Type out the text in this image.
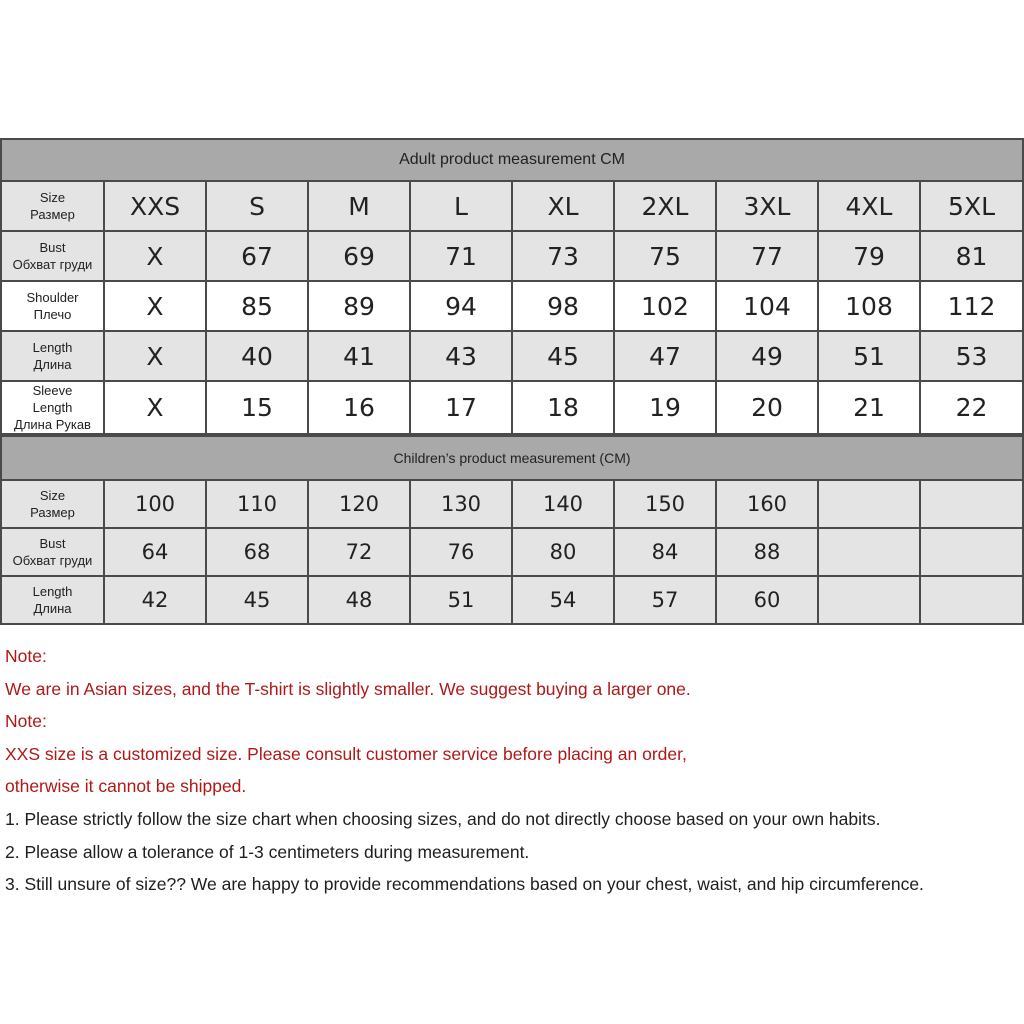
Adult product measurement CM									

Size
Размер	XXS	S	M	L	XL	2XL	3XL	4XL	5XL

Bust
Обхват груди	X	67	69	71	73	75	77	79	81

Shoulder
Плечо	X	85	89	94	98	102	104	108	112

Length
Длина	X	40	41	43	45	47	49	51	53

Sleeve
Length
Длина Рукав	X	15	16	17	18	19	20	21	22
Children’s product measurement (CM)									

Size
Размер	100	110	120	130	140	150	160		

Bust
Обхват груди	64	68	72	76	80	84	88		

Length
Длина	42	45	48	51	54	57	60		
Note:
We are in Asian sizes, and the T-shirt is slightly smaller. We suggest buying a larger one.
Note:
XXS size is a customized size. Please consult customer service before placing an order,
otherwise it cannot be shipped.
1. Please strictly follow the size chart when choosing sizes, and do not directly choose based on your own habits.
2. Please allow a tolerance of 1-3 centimeters during measurement.
3. Still unsure of size?? We are happy to provide recommendations based on your chest, waist, and hip circumference.
